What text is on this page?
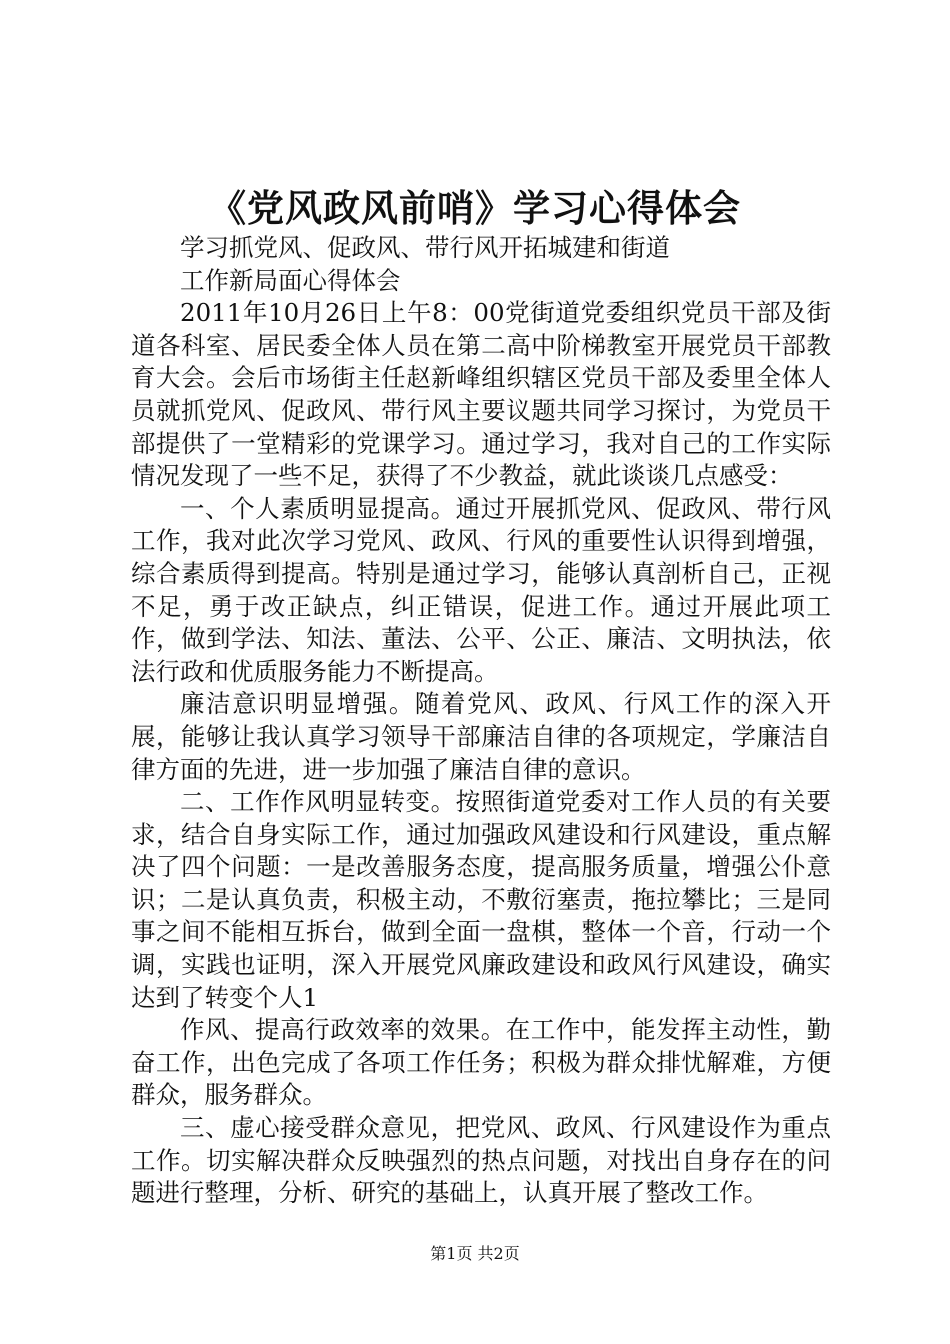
《党风政风前哨》学习心得体会

学习抓党风、促政风、带行风开拓城建和街道

工作新局面心得体会

2011年10月26日上午8：00党街道党委组织党员干部及街道各科室、居民委全体人员在第二高中阶梯教室开展党员干部教育大会。会后市场街主任赵新峰组织辖区党员干部及委里全体人员就抓党风、促政风、带行风主要议题共同学习探讨，为党员干部提供了一堂精彩的党课学习。通过学习，我对自己的工作实际情况发现了一些不足，获得了不少教益，就此谈谈几点感受：

一、个人素质明显提高。通过开展抓党风、促政风、带行风工作，我对此次学习党风、政风、行风的重要性认识得到增强，综合素质得到提高。特别是通过学习，能够认真剖析自己，正视不足，勇于改正缺点，纠正错误，促进工作。通过开展此项工作，做到学法、知法、董法、公平、公正、廉洁、文明执法，依法行政和优质服务能力不断提高。

廉洁意识明显增强。随着党风、政风、行风工作的深入开展，能够让我认真学习领导干部廉洁自律的各项规定，学廉洁自律方面的先进，进一步加强了廉洁自律的意识。

二、工作作风明显转变。按照街道党委对工作人员的有关要求，结合自身实际工作，通过加强政风建设和行风建设，重点解决了四个问题：一是改善服务态度，提高服务质量，增强公仆意识；二是认真负责，积极主动，不敷衍塞责，拖拉攀比；三是同事之间不能相互拆台，做到全面一盘棋，整体一个音，行动一个调，实践也证明，深入开展党风廉政建设和政风行风建设，确实达到了转变个人1

作风、提高行政效率的效果。在工作中，能发挥主动性，勤奋工作，出色完成了各项工作任务；积极为群众排忧解难，方便群众，服务群众。

三、虚心接受群众意见，把党风、政风、行风建设作为重点工作。切实解决群众反映强烈的热点问题，对找出自身存在的问题进行整理，分析、研究的基础上，认真开展了整改工作。

第1页 共2页
